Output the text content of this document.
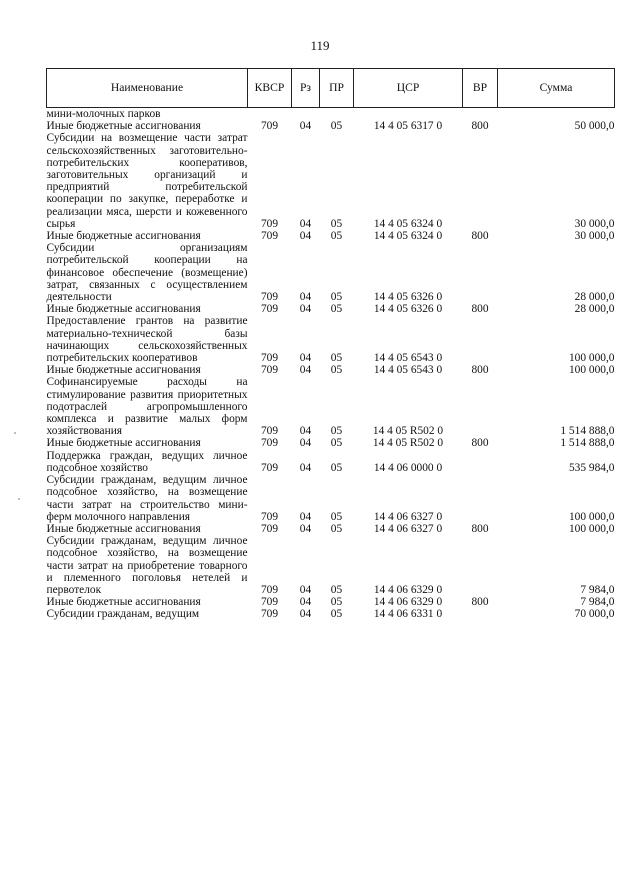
119
Наименование	КВСР	Рз	ПР	ЦСР	ВР	Сумма
мини-молочных парков						
Иные бюджетные ассигнования	709	04	05	14 4 05 6317 0	800	50 000,0
Субсидии на возмещение части затрат сельскохозяйственных заготовительно-потребительских кооперативов, заготовительных организаций и предприятий потребительской кооперации по закупке, переработке и реализации мяса, шерсти и кожевенного сырья	709	04	05	14 4 05 6324 0		30 000,0
Иные бюджетные ассигнования	709	04	05	14 4 05 6324 0	800	30 000,0
Субсидии организациям потребительской кооперации на финансовое обеспечение (возмещение) затрат, связанных с осуществлением деятельности	709	04	05	14 4 05 6326 0		28 000,0
Иные бюджетные ассигнования	709	04	05	14 4 05 6326 0	800	28 000,0
Предоставление грантов на развитие материально-технической базы начинающих сельскохозяйственных потребительских кооперативов	709	04	05	14 4 05 6543 0		100 000,0
Иные бюджетные ассигнования	709	04	05	14 4 05 6543 0	800	100 000,0
Софинансируемые расходы на стимулирование развития приоритетных подотраслей агропромышленного комплекса и развитие малых форм хозяйствования	709	04	05	14 4 05 R502 0		1 514 888,0
Иные бюджетные ассигнования	709	04	05	14 4 05 R502 0	800	1 514 888,0
Поддержка граждан, ведущих личное подсобное хозяйство	709	04	05	14 4 06 0000 0		535 984,0
Субсидии гражданам, ведущим личное подсобное хозяйство, на возмещение части затрат на строительство мини-ферм молочного направления	709	04	05	14 4 06 6327 0		100 000,0
Иные бюджетные ассигнования	709	04	05	14 4 06 6327 0	800	100 000,0
Субсидии гражданам, ведущим личное подсобное хозяйство, на возмещение части затрат на приобретение товарного и племенного поголовья нетелей и первотелок	709	04	05	14 4 06 6329 0		7 984,0
Иные бюджетные ассигнования	709	04	05	14 4 06 6329 0	800	7 984,0
Субсидии гражданам, ведущим	709	04	05	14 4 06 6331 0		70 000,0
